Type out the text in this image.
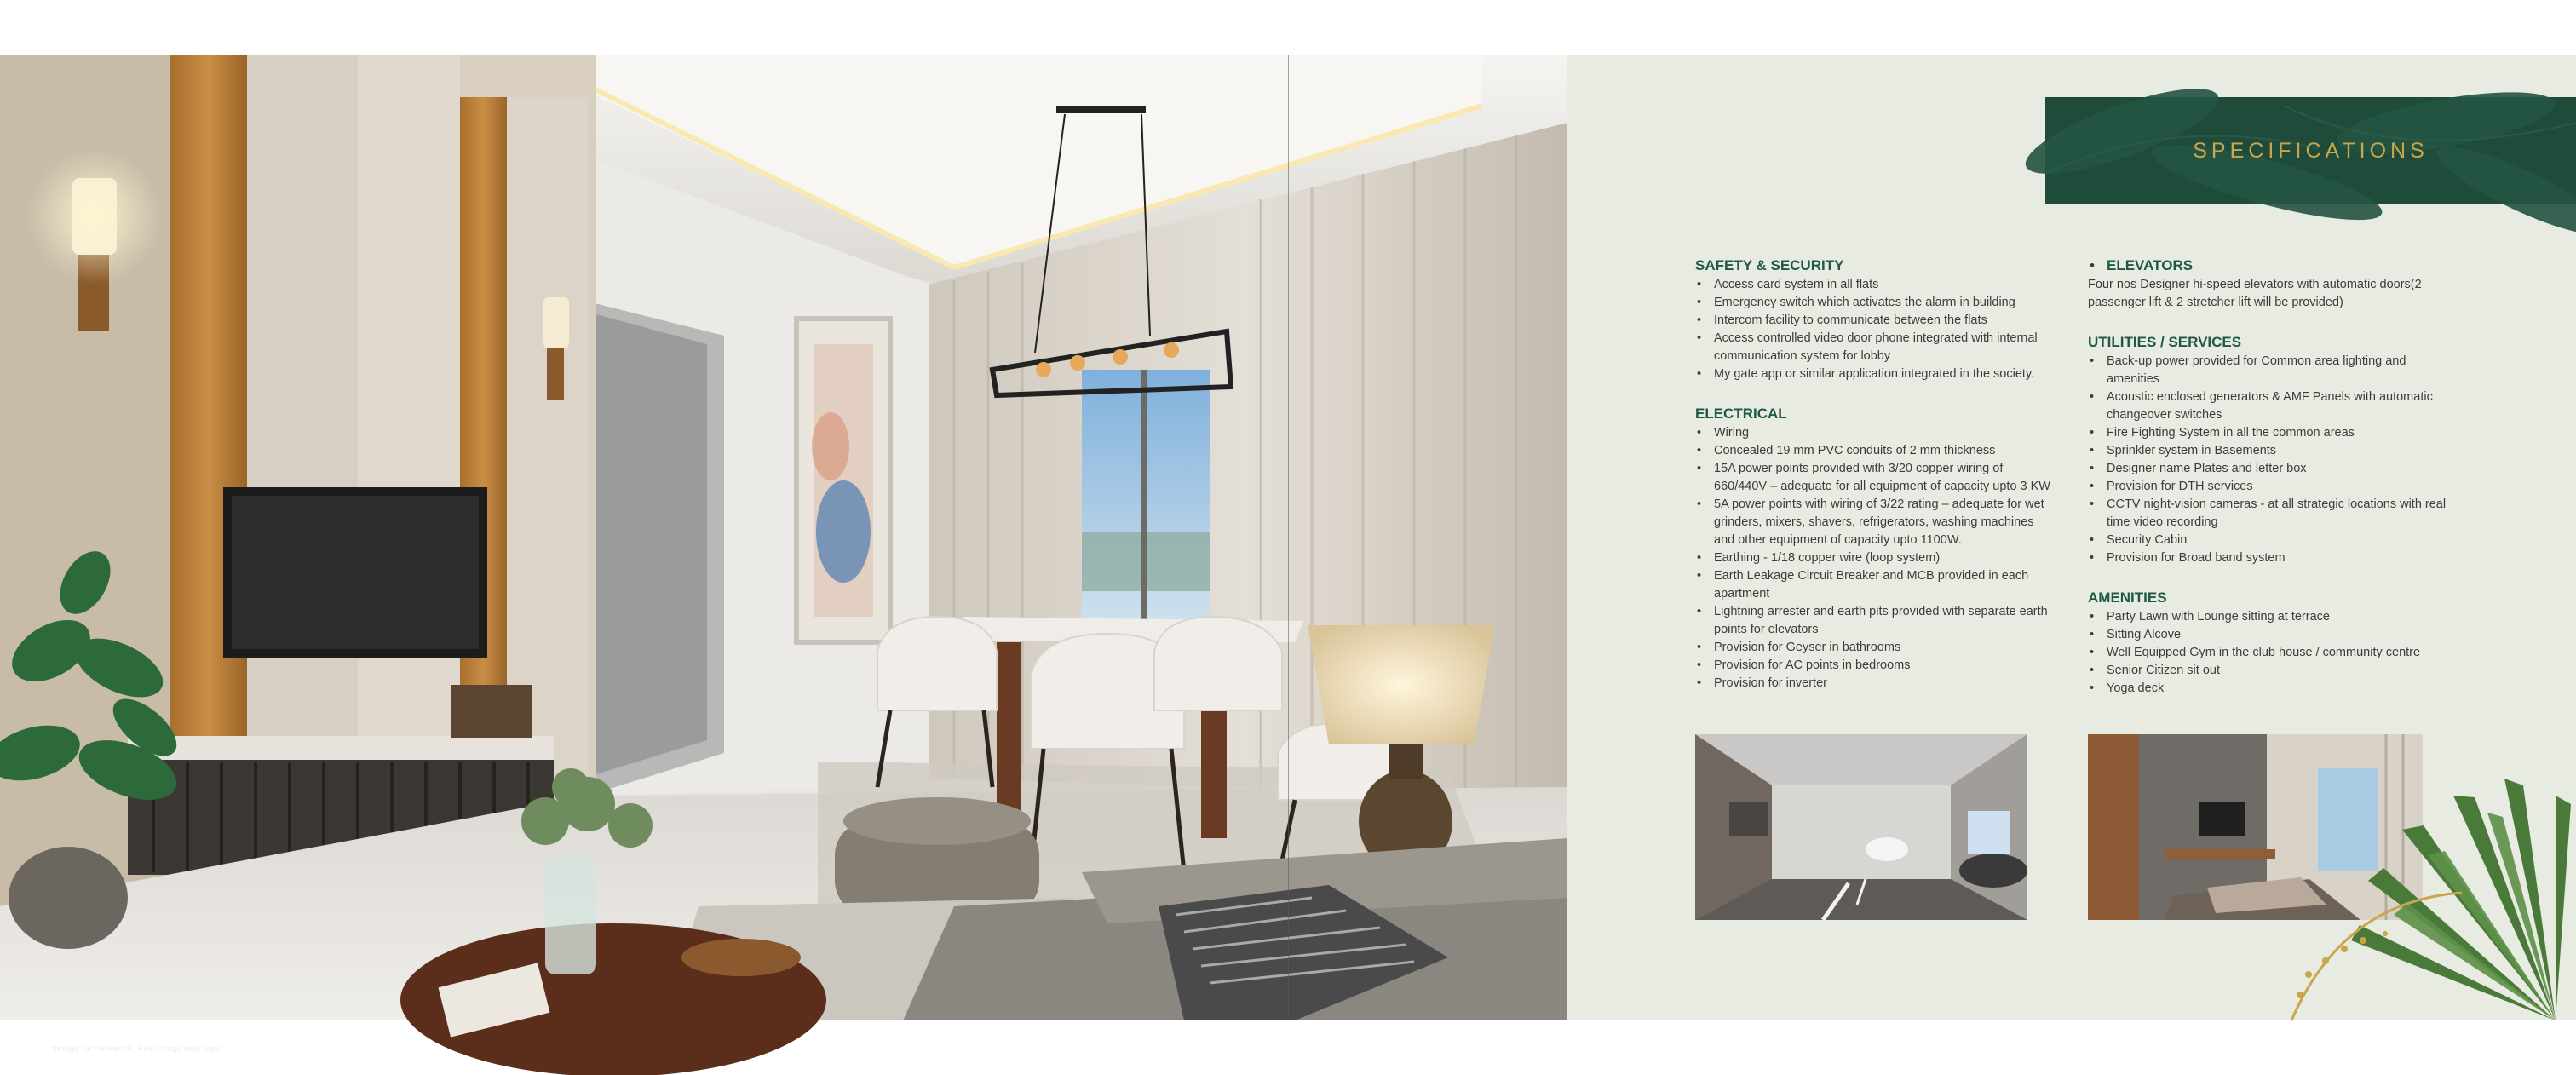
*Image for reference. Real image may vary.
SPECIFICATIONS
SAFETY & SECURITY
• Access card system in all flats
• Emergency switch which activates the alarm in building
• Intercom facility to communicate between the flats
• Access controlled video door phone integrated with internal communication system for lobby
• My gate app or similar application integrated in the society.
ELECTRICAL
• Wiring
• Concealed 19 mm PVC conduits of 2 mm thickness
• 15A power points provided with 3/20 copper wiring of 660/440V – adequate for all equipment of capacity upto 3 KW
• 5A power points with wiring of 3/22 rating – adequate for wet grinders, mixers, shavers, refrigerators, washing machines and other equipment of capacity upto 1100W.
• Earthing - 1/18 copper wire (loop system)
• Earth Leakage Circuit Breaker and MCB provided in each apartment
• Lightning arrester and earth pits provided with separate earth points for elevators
• Provision for Geyser in bathrooms
• Provision for AC points in bedrooms
• Provision for inverter
• ELEVATORS
Four nos Designer hi-speed elevators with automatic doors(2 passenger lift & 2 stretcher lift will be provided)
UTILITIES / SERVICES
• Back-up power provided for Common area lighting and amenities
• Acoustic enclosed generators & AMF Panels with automatic changeover switches
• Fire Fighting System in all the common areas
• Sprinkler system in Basements
• Designer name Plates and letter box
• Provision for DTH services
• CCTV night-vision cameras - at all strategic locations with real time video recording
• Security Cabin
• Provision for Broad band system
AMENITIES
• Party Lawn with Lounge sitting at terrace
• Sitting Alcove
• Well Equipped Gym in the club house / community centre
• Senior Citizen sit out
• Yoga deck
